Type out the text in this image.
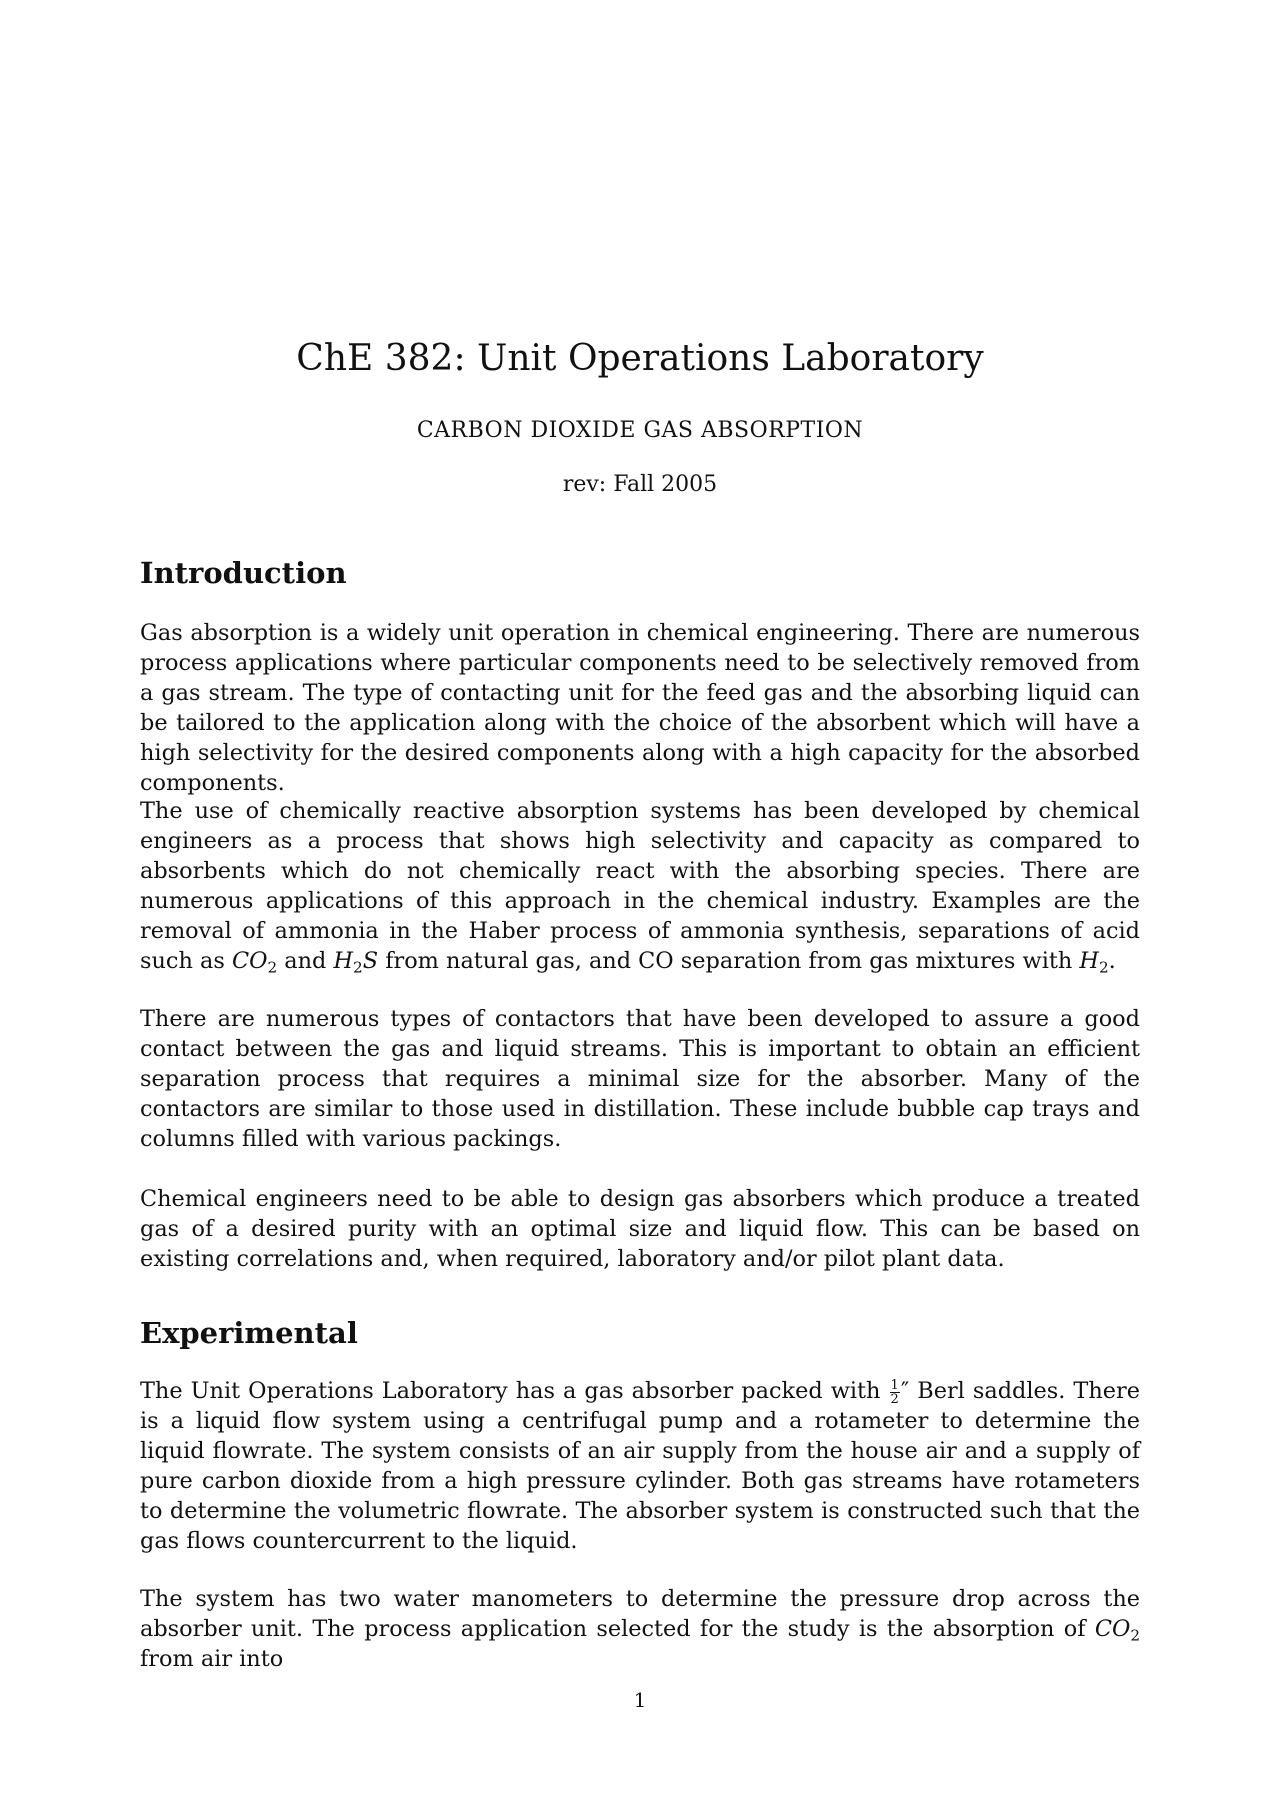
ChE 382: Unit Operations Laboratory
CARBON DIOXIDE GAS ABSORPTION
rev: Fall 2005
Introduction

Gas absorption is a widely unit operation in chemical engineering. There are numerous process applications where particular components need to be selectively removed from a gas stream. The type of contacting unit for the feed gas and the absorbing liquid can be tailored to the application along with the choice of the absorbent which will have a high selectivity for the desired components along with a high capacity for the absorbed components.

The use of chemically reactive absorption systems has been developed by chemical engineers as a process that shows high selectivity and capacity as compared to absorbents which do not chemically react with the absorbing species. There are numerous applications of this approach in the chemical industry. Examples are the removal of ammonia in the Haber process of ammonia synthesis, separations of acid such as $CO_2$ and $H_2S$ from natural gas, and CO separation from gas mixtures with $H_2$.

There are numerous types of contactors that have been developed to assure a good contact between the gas and liquid streams. This is important to obtain an efficient separation process that requires a minimal size for the absorber. Many of the contactors are similar to those used in distillation. These include bubble cap trays and columns filled with various packings.

Chemical engineers need to be able to design gas absorbers which produce a treated gas of a desired purity with an optimal size and liquid flow. This can be based on existing correlations and, when required, laboratory and/or pilot plant data.

Experimental

The Unit Operations Laboratory has a gas absorber packed with $\frac{1}{2}$ ″ Berl saddles. There is a liquid flow system using a centrifugal pump and a rotameter to determine the liquid flowrate. The system consists of an air supply from the house air and a supply of pure carbon dioxide from a high pressure cylinder. Both gas streams have rotameters to determine the volumetric flowrate. The absorber system is constructed such that the gas flows countercurrent to the liquid.

The system has two water manometers to determine the pressure drop across the absorber unit. The process application selected for the study is the absorption of $CO_2$ from air into

1
